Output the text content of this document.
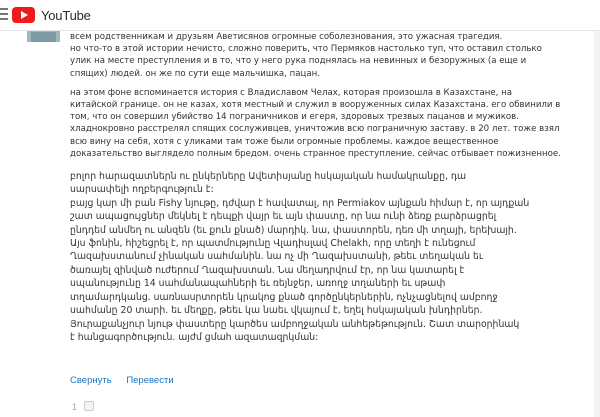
YouTube

всем родственникам и друзьям Аветисянов огромные соболезнования, это ужасная трагедия.

но что-то в этой истории нечисто, сложно поверить, что Пермяков настолько туп, что оставил столько

улик на месте преступления и в то, что у него рука поднялась на невинных и безоружных (а еще и

спящих) людей. он же по сути еще мальчишка, пацан.

на этом фоне вспоминается история с Владиславом Челах, которая произошла в Казахстане, на

китайской границе. он не казах, хотя местный и служил в вооруженных силах Казахстана. его обвинили в

том, что он совершил убийство 14 пограничников и егеря, здоровых трезвых пацанов и мужиков.

хладнокровно расстрелял спящих сослуживцев, уничтожив всю пограничную заставу. в 20 лет. тоже взял

всю вину на себя, хотя с уликами там тоже были огромные проблемы. каждое вещественное

доказательство выглядело полным бредом. очень странное преступление. сейчас отбывает пожизненное.

բոլոր հարազատներն ու ընկերները Ավետիսյանը հսկայական համակրանքը, դա

սարսափելի ողբերգություն է:

բայց կար մի բան Fishy նյութը, դժվար է հավատալ, որ Permiakov այնքան հիմար է, որ այդքան

շատ ապացույցներ մեկնել է դեպքի վայր եւ այն փաստը, որ նա ունի ձեռք բարձրացրել

ընդդեմ անմեղ ու անզեն (եւ քուն քնած) մարդիկ. նա, փաստորեն, դեռ մի տղայի, երեխայի.

Այս ֆոնին, հիշեցրել է, որ պատմությունը Վլադիսլավ Chelakh, որը տեղի է ունեցում

Ղազախստանում չինական սահմանին. նա ոչ մի Ղազախստանի, թեեւ տեղական եւ

ծառայել զինված ուժերում Ղազախստան. Նա մեղադրվում էր, որ նա կատարել է

սպանությունը 14 սահմանապահների եւ ռեյնջեր, առողջ տղաների եւ սթափ

տղամարդկանց. սառնասրտորեն կրակոց քնած գործընկերներին, ոչնչացնելով ամբողջ

սահմանը 20 տարի. եւ մեղքը, թեեւ կա նաեւ վկայում է, եղել հսկայական խնդիրներ.

Յուրաքանչյուր նյութ փաստերը կարծես ամբողջական անհեթեթություն. Շատ տարօրինակ

է հանցագործություն. այժմ ցմահ ազատազրկման:

Свернуть Перевести
1
